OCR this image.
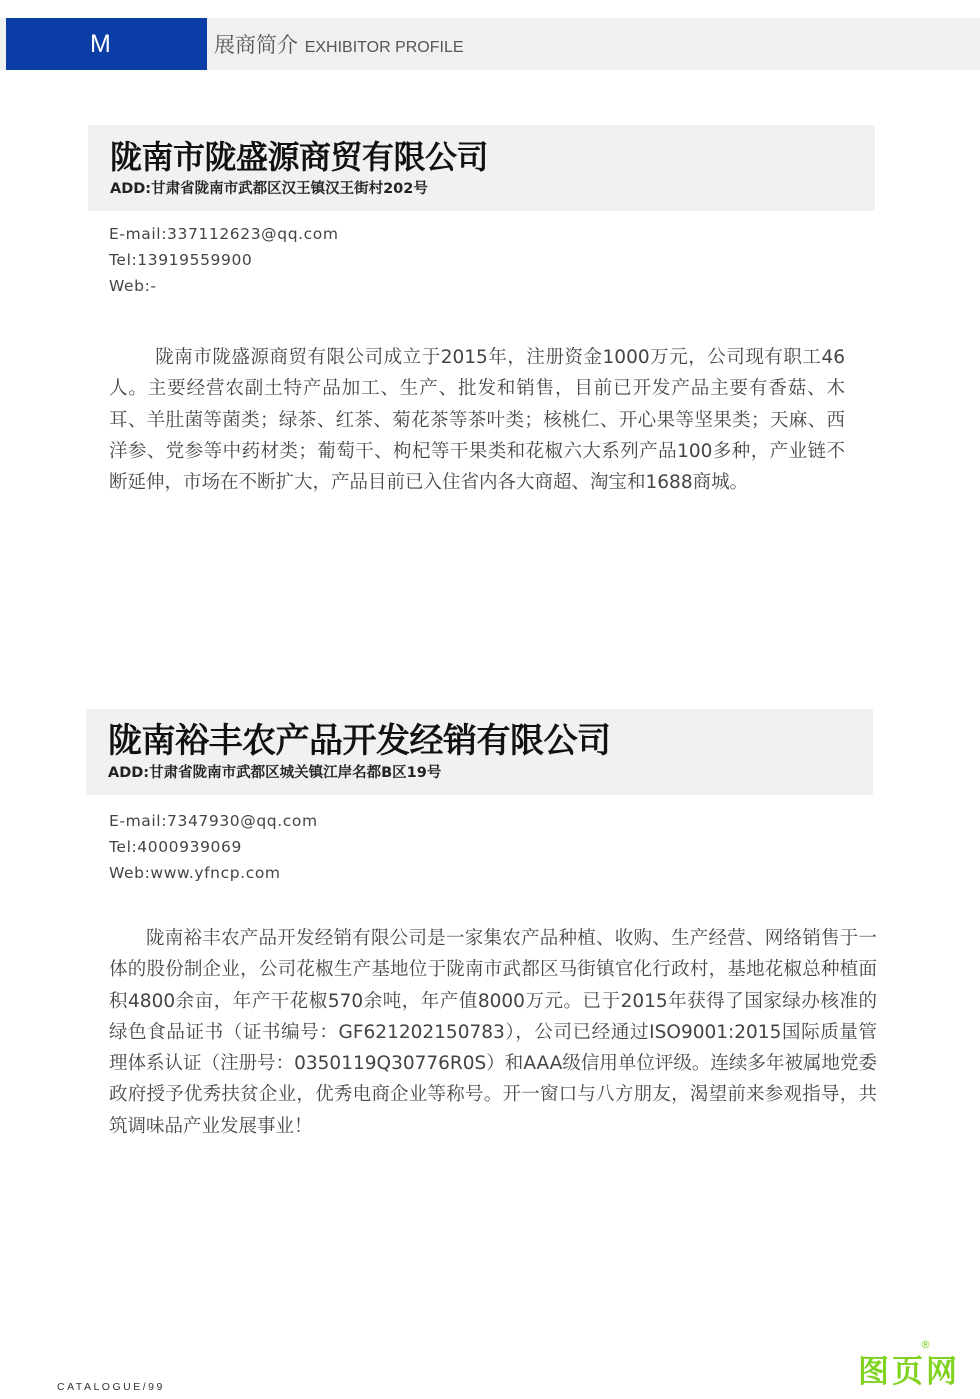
M	展商简介 EXHIBITOR PROFILE
陇南市陇盛源商贸有限公司
ADD:甘肃省陇南市武都区汉王镇汉王街村202号
E-mail:337112623@qq.com
Tel:13919559900
Web:-

陇南市陇盛源商贸有限公司成立于2015年，注册资金1000万元，公司现有职工46人。主要经营农副土特产品加工、生产、批发和销售，目前已开发产品主要有香菇、木耳、羊肚菌等菌类；绿茶、红茶、菊花茶等茶叶类；核桃仁、开心果等坚果类；天麻、西洋参、党参等中药材类；葡萄干、枸杞等干果类和花椒六大系列产品100多种，产业链不断延伸，市场在不断扩大，产品目前已入住省内各大商超、淘宝和1688商城。

陇南裕丰农产品开发经销有限公司
ADD:甘肃省陇南市武都区城关镇江岸名都B区19号
E-mail:7347930@qq.com
Tel:4000939069
Web:www.yfncp.com

陇南裕丰农产品开发经销有限公司是一家集农产品种植、收购、生产经营、网络销售于一体的股份制企业，公司花椒生产基地位于陇南市武都区马街镇官化行政村，基地花椒总种植面积4800余亩，年产干花椒570余吨，年产值8000万元。已于2015年获得了国家绿办核准的绿色食品证书（证书编号：GF621202150783），公司已经通过ISO9001:2015国际质量管理体系认证（注册号：0350119Q30776R0S）和AAA级信用单位评级。连续多年被属地党委政府授予优秀扶贫企业，优秀电商企业等称号。开一窗口与八方朋友，渴望前来参观指导，共筑调味品产业发展事业！

CATALOGUE/99	图页网
®
